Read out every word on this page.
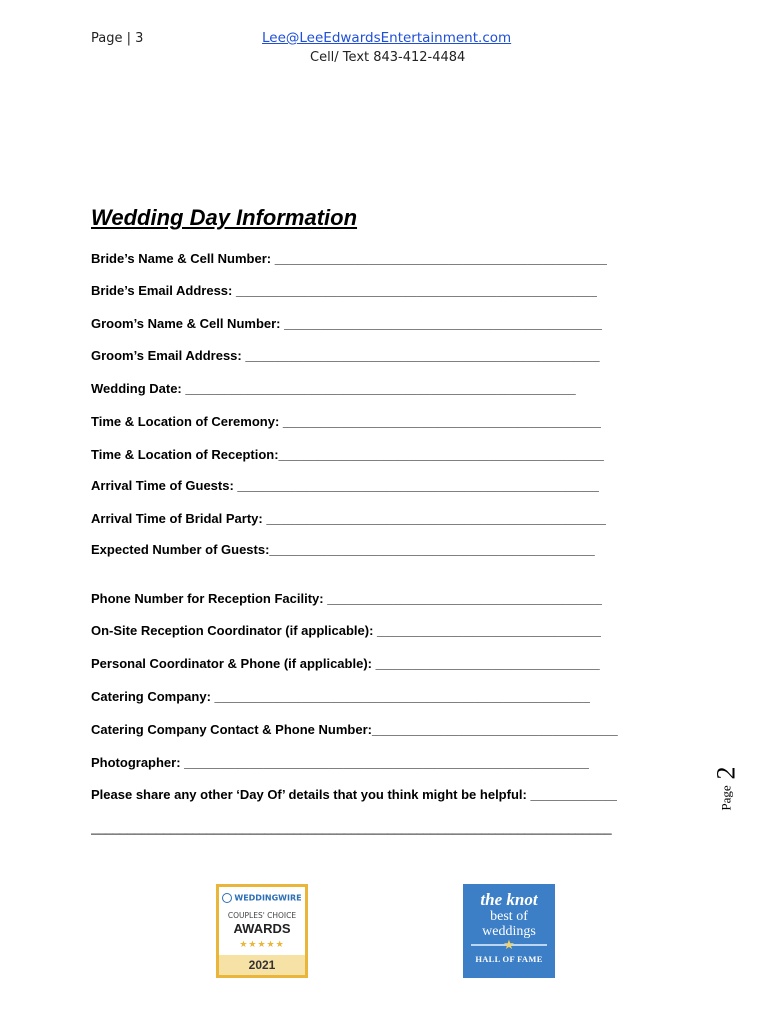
Page | 3	Lee@LeeEdwardsEntertainment.com
Cell/ Text 843-412-4484
Wedding Day Information
Bride’s Name & Cell Number: ______________________________________________
Bride’s Email Address: __________________________________________________
Groom’s Name & Cell Number: ____________________________________________
Groom’s Email Address: _________________________________________________
Wedding Date: ______________________________________________________
Time & Location of Ceremony: ____________________________________________
Time & Location of Reception:_____________________________________________
Arrival Time of Guests: __________________________________________________
Arrival Time of Bridal Party: _______________________________________________
Expected Number of Guests:_____________________________________________
Phone Number for Reception Facility: ______________________________________
On-Site Reception Coordinator (if applicable): _______________________________
Personal Coordinator & Phone (if applicable): _______________________________
Catering Company: ____________________________________________________
Catering Company Contact & Phone Number:__________________________________
Photographer: ________________________________________________________
Please share any other ‘Day Of’ details that you think might be helpful: ____________
________________________________________________________________________
Page
2
WEDDINGWIRE
COUPLES' CHOICE
AWARDS
★★★★★
2021
the knot
best of
weddings
★
HALL OF FAME
